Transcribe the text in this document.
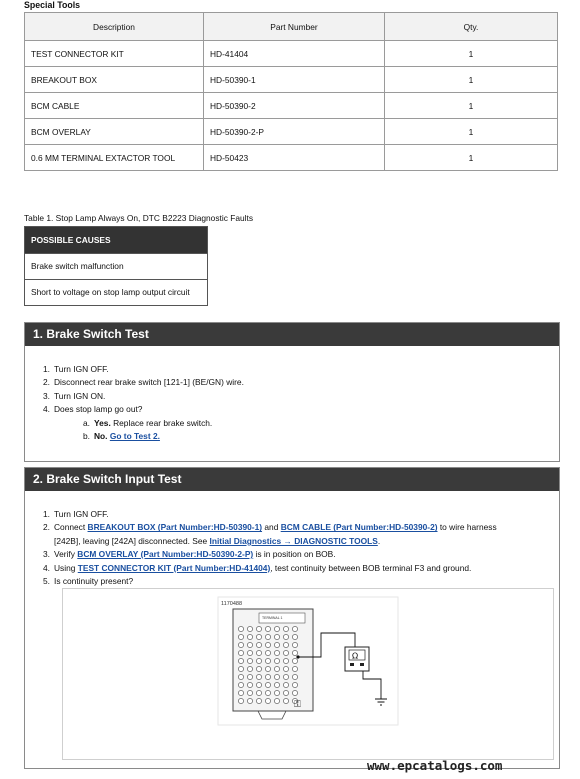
Special Tools
Description	Part Number	Qty.
TEST CONNECTOR KIT	HD-41404	1
BREAKOUT BOX	HD-50390-1	1
BCM CABLE	HD-50390-2	1
BCM OVERLAY	HD-50390-2-P	1
0.6 MM TERMINAL EXTACTOR TOOL	HD-50423	1
Table 1. Stop Lamp Always On, DTC B2223 Diagnostic Faults
POSSIBLE CAUSES
Brake switch malfunction
Short to voltage on stop lamp output circuit
1. Brake Switch Test
1. Turn IGN OFF.
2. Disconnect rear brake switch [121-1] (BE/GN) wire.
3. Turn IGN ON.
4. Does stop lamp go out?
a. Yes. Replace rear brake switch.
b. No. Go to Test 2.
2. Brake Switch Input Test
1. Turn IGN OFF.
2. Connect BREAKOUT BOX (Part Number:HD-50390-1) and BCM CABLE (Part Number:HD-50390-2) to wire harness
[242B], leaving [242A] disconnected. See Initial Diagnostics → DIAGNOSTIC TOOLS.
3. Verify BCM OVERLAY (Part Number:HD-50390-2-P) is in position on BOB.
4. Using TEST CONNECTOR KIT (Part Number:HD-41404), test continuity between BOB terminal F3 and ground.
5. Is continuity present?
1170488
TERMINAL 1
⚿
Ω
www.epcatalogs.com
